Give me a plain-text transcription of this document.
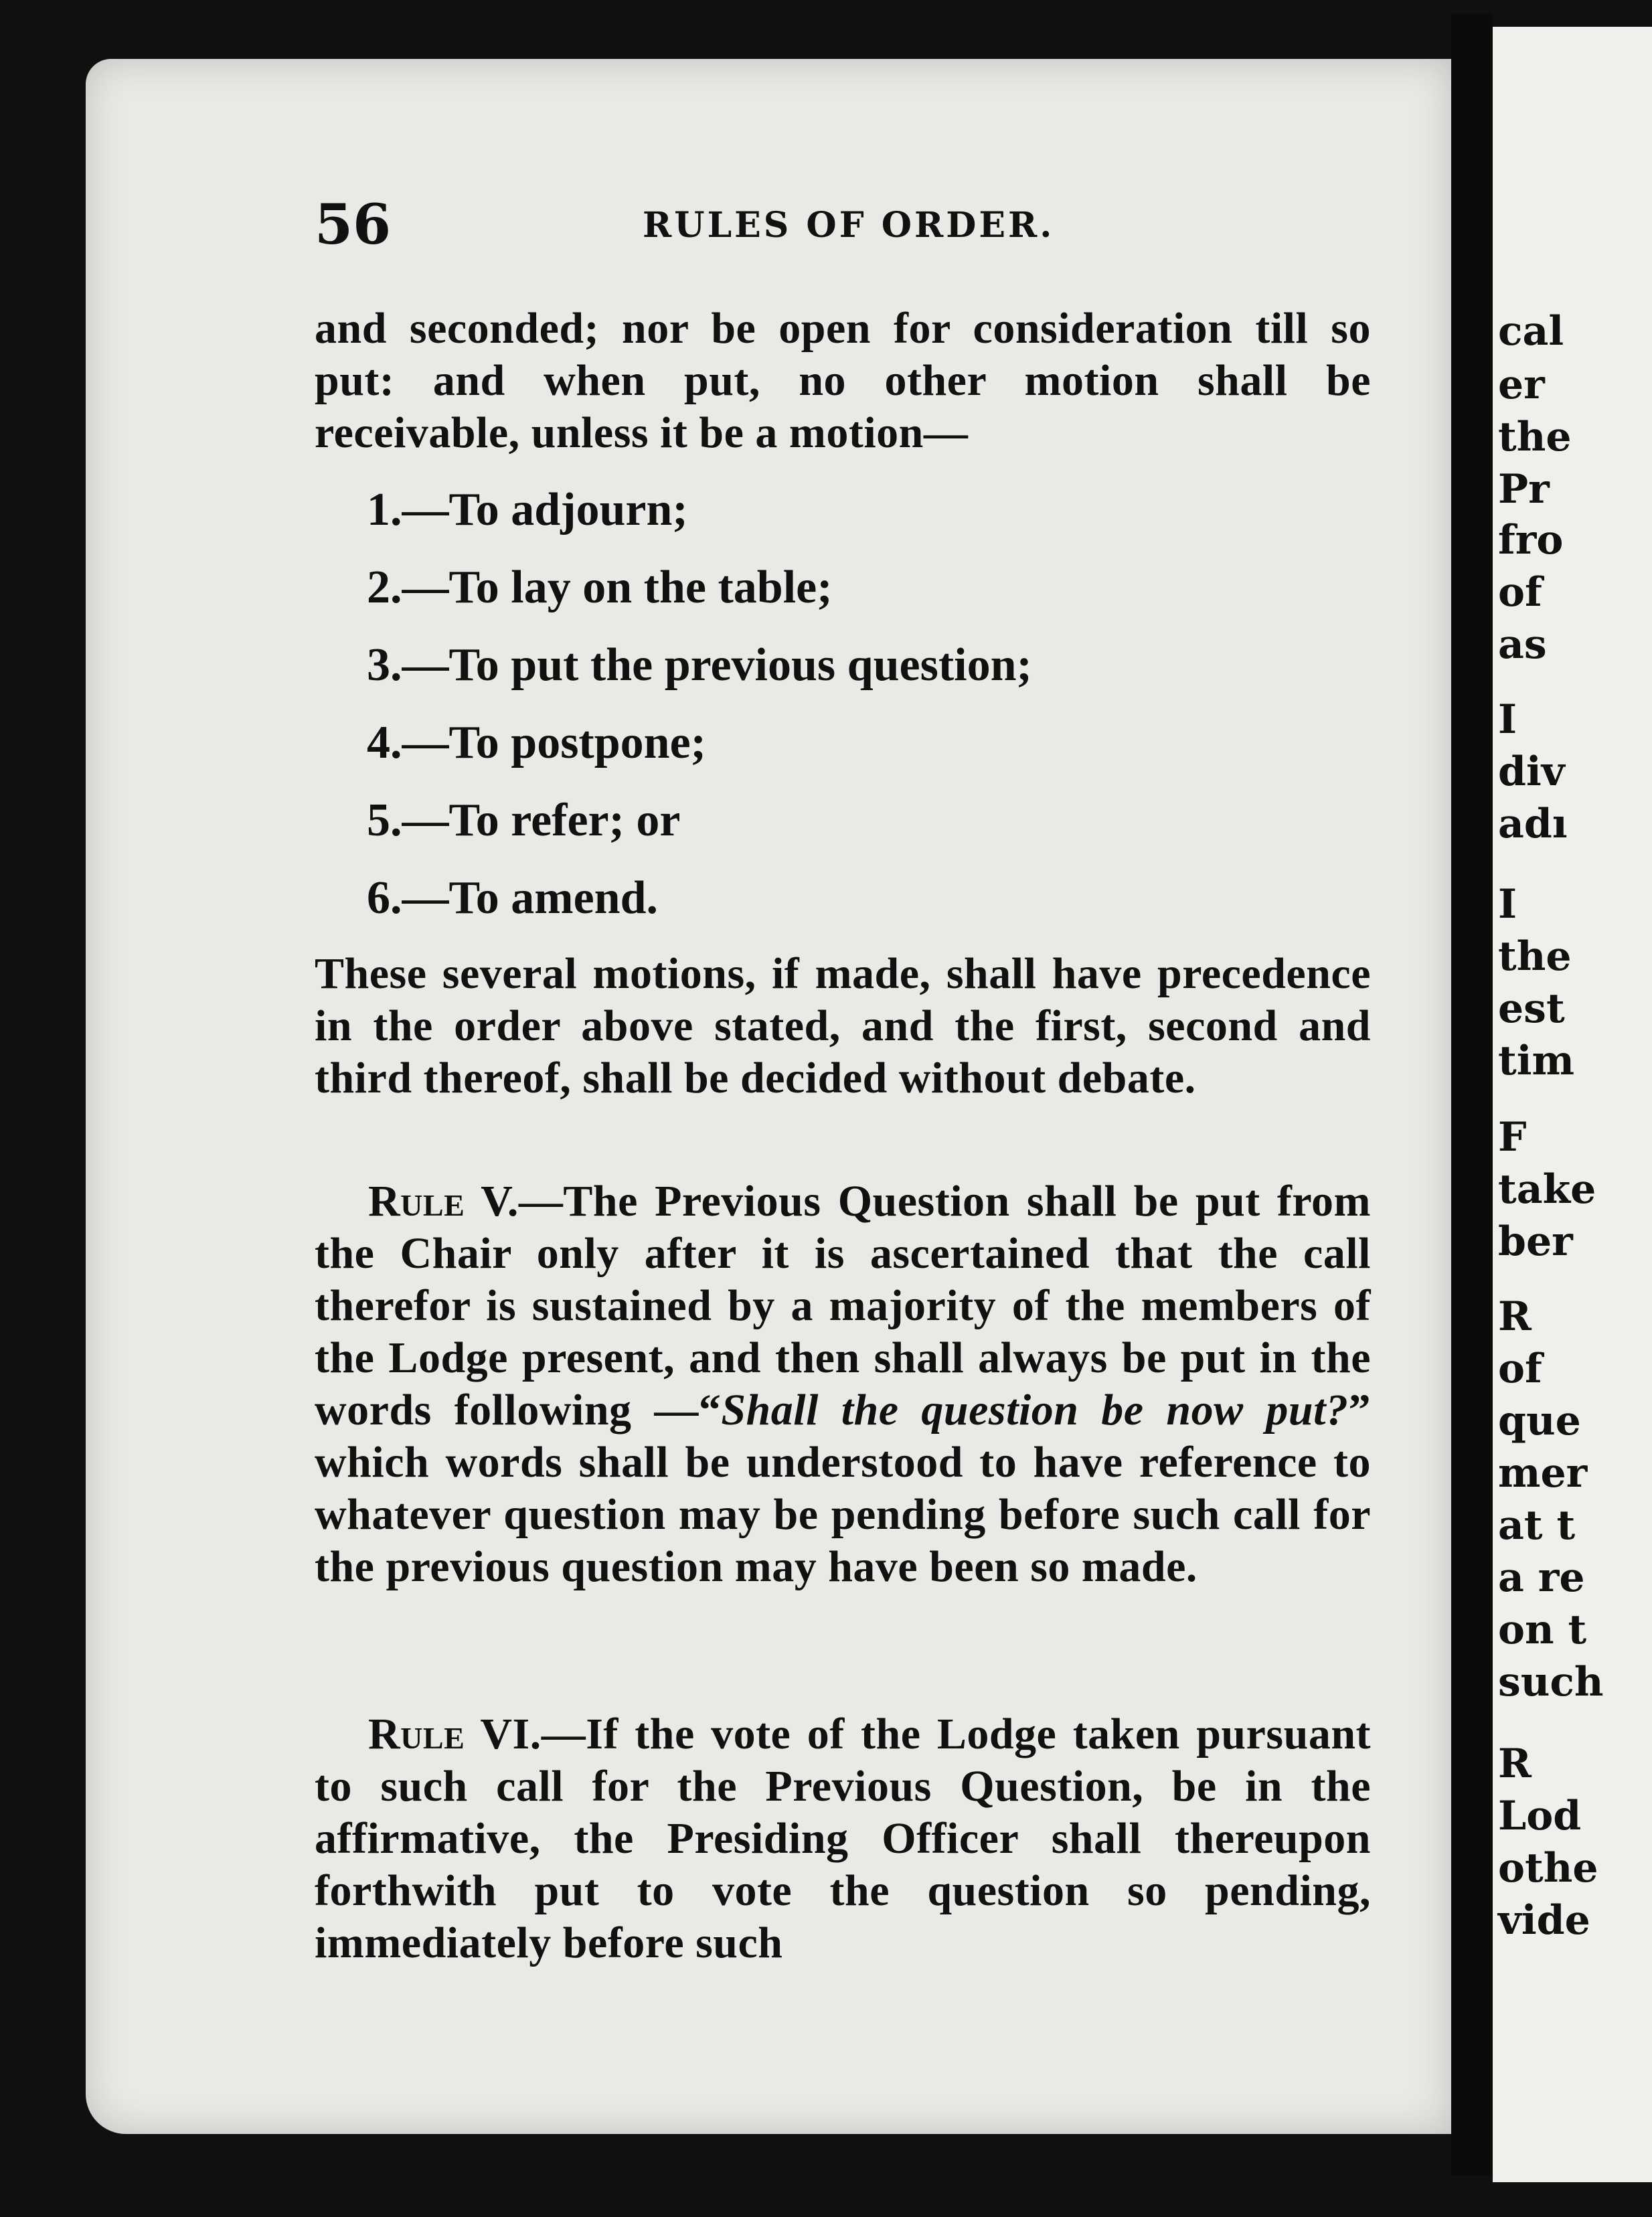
cal
er
the
Pr
fro
of
as
I
div
adı
I
the
est
tim
F
take
ber
R
of
que
mer
at t
a re
on t
such
R
Lod
othe
vide
56	RULES OF ORDER.
and seconded; nor be open for consideration till so put: and when put, no other motion shall be receivable, unless it be a motion—
1.—To adjourn;
2.—To lay on the table;
3.—To put the previous question;
4.—To postpone;
5.—To refer; or
6.—To amend.
These several motions, if made, shall have precedence in the order above stated, and the first, second and third thereof, shall be decided without debate.
Rule V.—The Previous Question shall be put from the Chair only after it is ascertained that the call therefor is sustained by a majority of the members of the Lodge present, and then shall always be put in the words following —“Shall the question be now put?” which words shall be understood to have reference to whatever question may be pending before such call for the previous question may have been so made.
Rule VI.—If the vote of the Lodge taken pursuant to such call for the Previous Question, be in the affirmative, the Presiding Officer shall thereupon forthwith put to vote the question so pending, immediately before such
